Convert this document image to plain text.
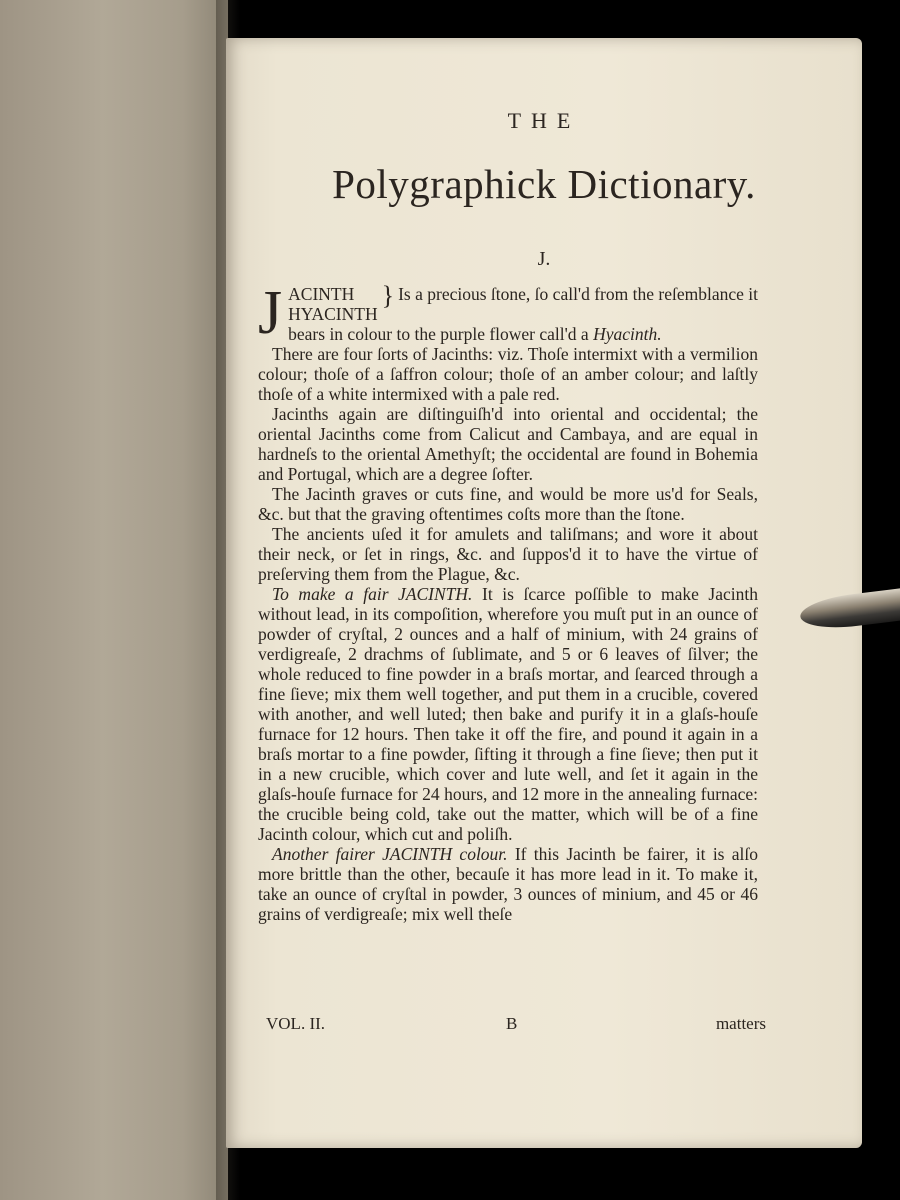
THE
Polygraphick Dictionary.
J.

J ACINTH
HYACINTH} Is a precious ſtone, ſo call'd from the reſemblance it bears in colour to the purple flower call'd a Hyacinth.

There are four ſorts of Jacinths: viz. Thoſe intermixt with a vermilion colour; thoſe of a ſaffron colour; thoſe of an amber colour; and laſtly thoſe of a white intermixed with a pale red.

Jacinths again are diſtinguiſh'd into oriental and occidental; the oriental Jacinths come from Calicut and Cambaya, and are equal in hardneſs to the oriental Amethyſt; the occidental are found in Bohemia and Portugal, which are a degree ſofter.

The Jacinth graves or cuts fine, and would be more us'd for Seals, &c. but that the graving oftentimes coſts more than the ſtone.

The ancients uſed it for amulets and taliſmans; and wore it about their neck, or ſet in rings, &c. and ſuppos'd it to have the virtue of preſerving them from the Plague, &c.

To make a fair JACINTH. It is ſcarce poſſible to make Jacinth without lead, in its compoſition, wherefore you muſt put in an ounce of powder of cryſtal, 2 ounces and a half of minium, with 24 grains of verdigreaſe, 2 drachms of ſublimate, and 5 or 6 leaves of ſilver; the whole reduced to fine powder in a braſs mortar, and ſearced through a fine ſieve; mix them well together, and put them in a crucible, covered with another, and well luted; then bake and purify it in a glaſs-houſe furnace for 12 hours. Then take it off the fire, and pound it again in a braſs mortar to a fine powder, ſifting it through a fine ſieve; then put it in a new crucible, which cover and lute well, and ſet it again in the glaſs-houſe furnace for 24 hours, and 12 more in the annealing furnace: the crucible being cold, take out the matter, which will be of a fine Jacinth colour, which cut and poliſh.

Another fairer JACINTH colour. If this Jacinth be fairer, it is alſo more brittle than the other, becauſe it has more lead in it. To make it, take an ounce of cryſtal in powder, 3 ounces of minium, and 45 or 46 grains of verdigreaſe; mix well theſe

VOL. II.	B	matters
